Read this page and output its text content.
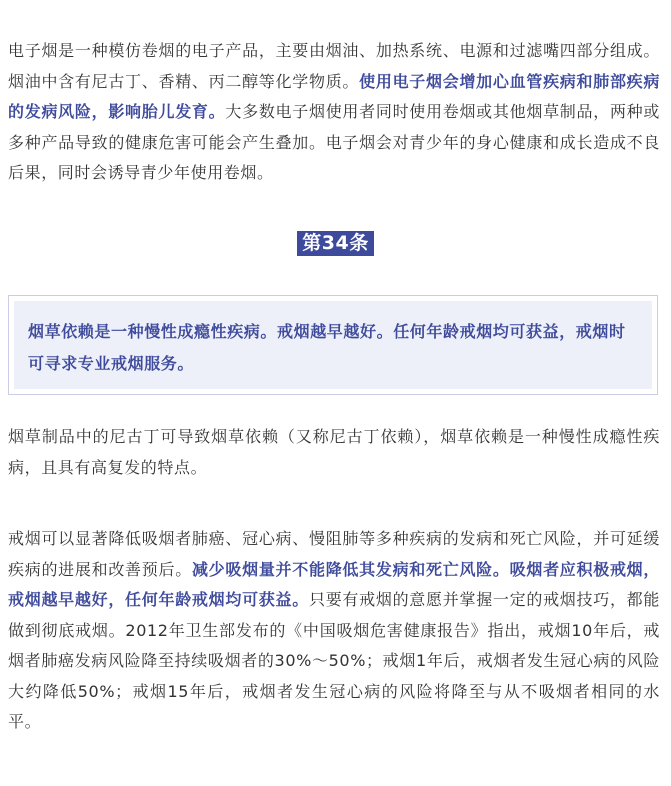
电子烟是一种模仿卷烟的电子产品，主要由烟油、加热系统、电源和过滤嘴四部分组成。烟油中含有尼古丁、香精、丙二醇等化学物质。使用电子烟会增加心血管疾病和肺部疾病的发病风险，影响胎儿发育。大多数电子烟使用者同时使用卷烟或其他烟草制品，两种或多种产品导致的健康危害可能会产生叠加。电子烟会对青少年的身心健康和成长造成不良后果，同时会诱导青少年使用卷烟。

第34条

烟草依赖是一种慢性成瘾性疾病。戒烟越早越好。任何年龄戒烟均可获益，戒烟时可寻求专业戒烟服务。

烟草制品中的尼古丁可导致烟草依赖（又称尼古丁依赖），烟草依赖是一种慢性成瘾性疾病，且具有高复发的特点。

戒烟可以显著降低吸烟者肺癌、冠心病、慢阻肺等多种疾病的发病和死亡风险，并可延缓疾病的进展和改善预后。减少吸烟量并不能降低其发病和死亡风险。吸烟者应积极戒烟，戒烟越早越好，任何年龄戒烟均可获益。只要有戒烟的意愿并掌握一定的戒烟技巧，都能做到彻底戒烟。2012年卫生部发布的《中国吸烟危害健康报告》指出，戒烟10年后，戒烟者肺癌发病风险降至持续吸烟者的30%～50%；戒烟1年后，戒烟者发生冠心病的风险大约降低50%；戒烟15年后，戒烟者发生冠心病的风险将降至与从不吸烟者相同的水平。
